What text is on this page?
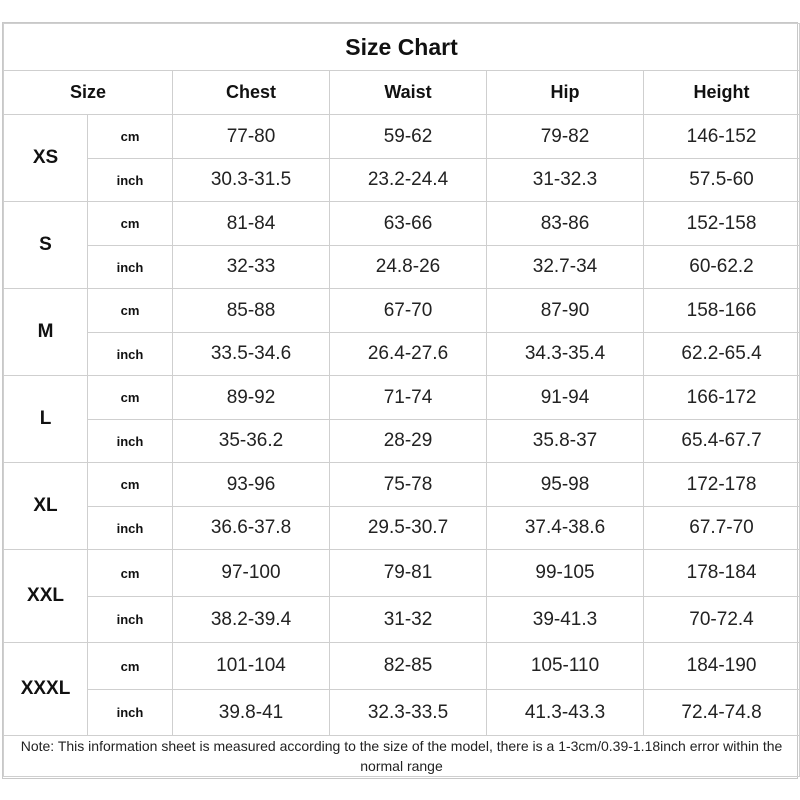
Size Chart					
Size		Chest	Waist	Hip	Height
XS	cm	77-80	59-62	79-82	146-152
	inch	30.3-31.5	23.2-24.4	31-32.3	57.5-60
S	cm	81-84	63-66	83-86	152-158
	inch	32-33	24.8-26	32.7-34	60-62.2
M	cm	85-88	67-70	87-90	158-166
	inch	33.5-34.6	26.4-27.6	34.3-35.4	62.2-65.4
L	cm	89-92	71-74	91-94	166-172
	inch	35-36.2	28-29	35.8-37	65.4-67.7
XL	cm	93-96	75-78	95-98	172-178
	inch	36.6-37.8	29.5-30.7	37.4-38.6	67.7-70
XXL	cm	97-100	79-81	99-105	178-184
	inch	38.2-39.4	31-32	39-41.3	70-72.4
XXXL	cm	101-104	82-85	105-110	184-190
	inch	39.8-41	32.3-33.5	41.3-43.3	72.4-74.8
Note: This information sheet is measured according to the size of the model, there is a 1-3cm/0.39-1.18inch error within the normal range					
